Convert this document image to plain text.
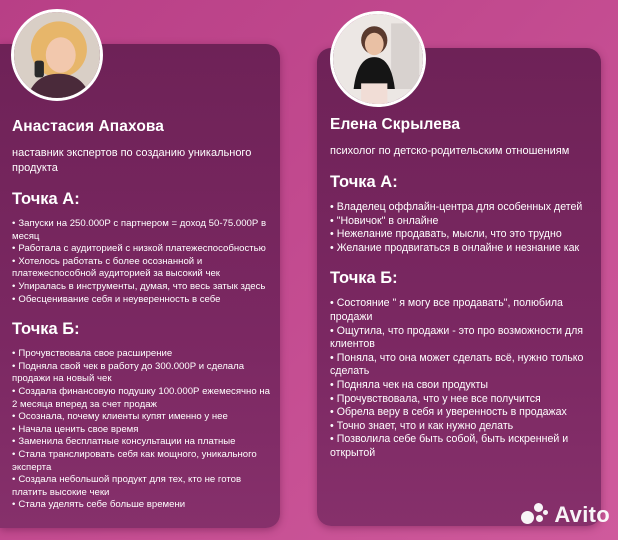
Анастасия Апахова
наставник экспертов по созданию уникального продукта
Точка А:
• Запуски на 250.000Р с партнером = доход 50-75.000Р в месяц
• Работала с аудиторией с низкой платежеспособностью
• Хотелось работать с более осознанной и платежеспособной аудиторией за высокий чек
• Упиралась в инструменты, думая, что весь затык здесь
• Обесценивание себя и неуверенность в себе
Точка Б:
• Прочувствовала свое расширение
• Подняла свой чек в работу до 300.000Р и сделала продажи на новый чек
• Создала финансовую подушку 100.000Р ежемесячно на 2 месяца вперед за счет продаж
• Осознала, почему клиенты купят именно у нее
• Начала ценить свое время
• Заменила бесплатные консультации на платные
• Стала транслировать себя как мощного, уникального эксперта
• Создала небольшой продукт для тех, кто не готов платить высокие чеки
• Стала уделять себе больше времени
Елена Скрылева
психолог по детско-родительским отношениям
Точка А:
• Владелец оффлайн-центра для особенных детей
• "Новичок" в онлайне
• Нежелание продавать, мысли, что это трудно
• Желание продвигаться в онлайне и незнание как
Точка Б:
• Состояние " я могу все продавать", полюбила продажи
• Ощутила, что продажи - это про возможности для клиентов
• Поняла, что она может сделать всё, нужно только сделать
• Подняла чек на свои продукты
• Прочувствовала, что у нее все получится
• Обрела веру в себя и уверенность в продажах
• Точно знает, что и как нужно делать
• Позволила себе быть собой, быть искренней и открытой
Avito
